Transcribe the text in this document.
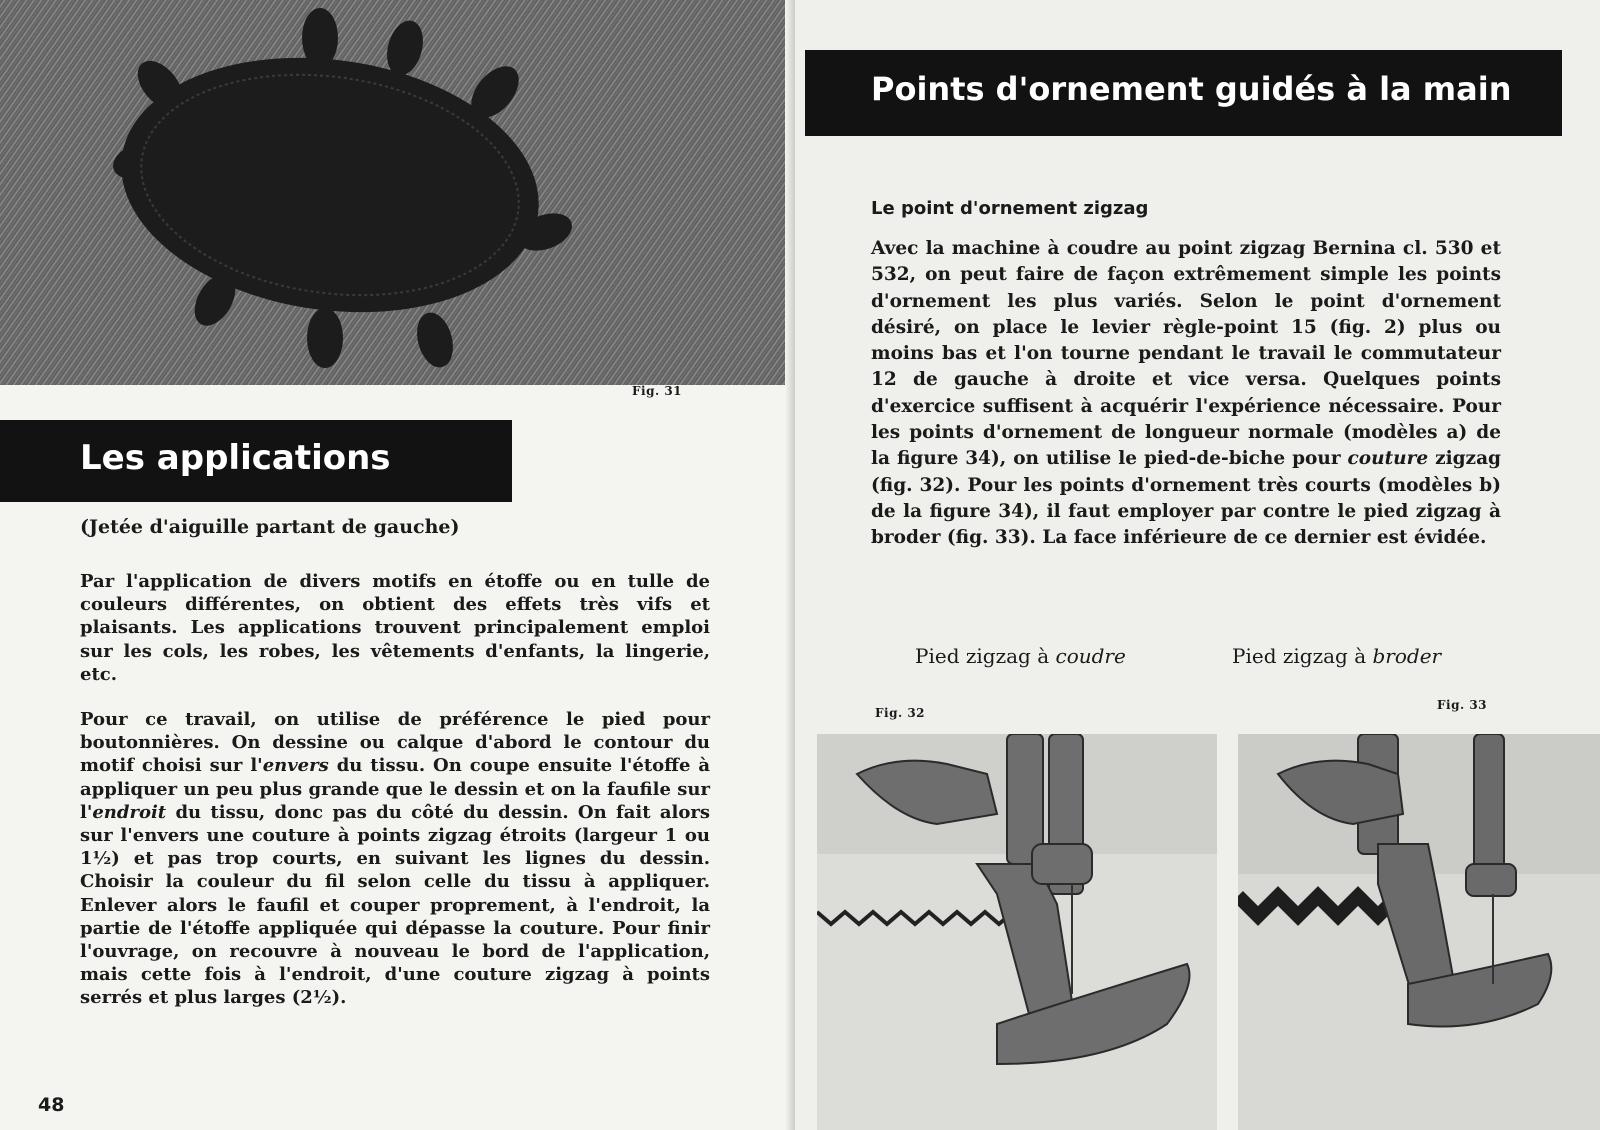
Fig. 31
Les applications
(Jetée d'aiguille partant de gauche)
Par l'application de divers motifs en étoffe ou en tulle de couleurs différentes, on obtient des effets très vifs et plaisants. Les applications trouvent principalement emploi sur les cols, les robes, les vêtements d'enfants, la lingerie, etc.
Pour ce travail, on utilise de préférence le pied pour boutonnières. On dessine ou calque d'abord le contour du motif choisi sur l'envers du tissu. On coupe ensuite l'étoffe à appliquer un peu plus grande que le dessin et on la faufile sur l'endroit du tissu, donc pas du côté du dessin. On fait alors sur l'envers une couture à points zigzag étroits (largeur 1 ou 1½) et pas trop courts, en suivant les lignes du dessin. Choisir la couleur du fil selon celle du tissu à appliquer. Enlever alors le faufil et couper proprement, à l'endroit, la partie de l'étoffe appliquée qui dépasse la couture. Pour finir l'ouvrage, on recouvre à nouveau le bord de l'application, mais cette fois à l'endroit, d'une couture zigzag à points serrés et plus larges (2½).
48
Points d'ornement guidés à la main
Le point d'ornement zigzag
Avec la machine à coudre au point zigzag Bernina cl. 530 et 532, on peut faire de façon extrêmement simple les points d'ornement les plus variés. Selon le point d'ornement désiré, on place le levier règle-point 15 (fig. 2) plus ou moins bas et l'on tourne pendant le travail le commutateur 12 de gauche à droite et vice versa. Quelques points d'exercice suffisent à acquérir l'expérience nécessaire. Pour les points d'ornement de longueur normale (modèles a) de la figure 34), on utilise le pied-de-biche pour couture zigzag (fig. 32). Pour les points d'ornement très courts (modèles b) de la figure 34), il faut employer par contre le pied zigzag à broder (fig. 33). La face inférieure de ce dernier est évidée.
Pied zigzag à coudre	Pied zigzag à broder
Fig. 32
Fig. 33
